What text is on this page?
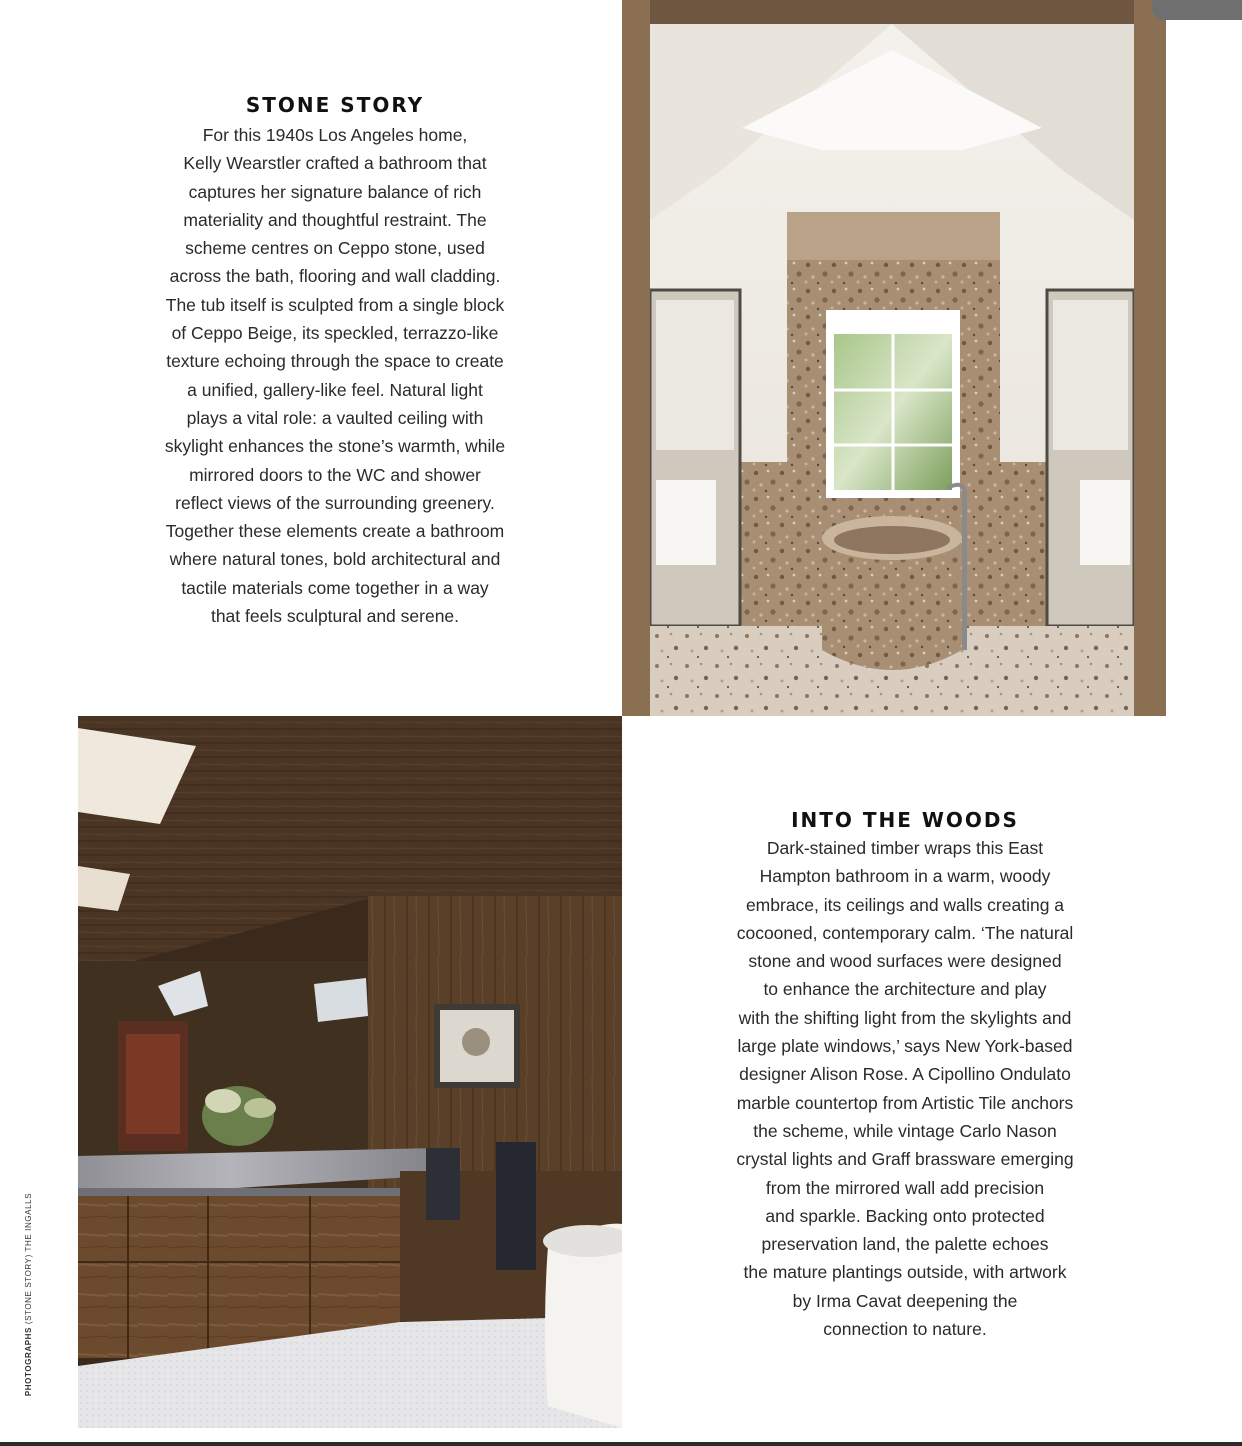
STONE STORY

For this 1940s Los Angeles home,
Kelly Wearstler crafted a bathroom that
captures her signature balance of rich
materiality and thoughtful restraint. The
scheme centres on Ceppo stone, used
across the bath, flooring and wall cladding.
The tub itself is sculpted from a single block
of Ceppo Beige, its speckled, terrazzo-like
texture echoing through the space to create
a unified, gallery-like feel. Natural light
plays a vital role: a vaulted ceiling with
skylight enhances the stone’s warmth, while
mirrored doors to the WC and shower
reflect views of the surrounding greenery.
Together these elements create a bathroom
where natural tones, bold architectural and
tactile materials come together in a way
that feels sculptural and serene.

INTO THE WOODS

Dark-stained timber wraps this East
Hampton bathroom in a warm, woody
embrace, its ceilings and walls creating a
cocooned, contemporary calm. ‘The natural
stone and wood surfaces were designed
to enhance the architecture and play
with the shifting light from the skylights and
large plate windows,’ says New York-based
designer Alison Rose. A Cipollino Ondulato
marble countertop from Artistic Tile anchors
the scheme, while vintage Carlo Nason
crystal lights and Graff brassware emerging
from the mirrored wall add precision
and sparkle. Backing onto protected
preservation land, the palette echoes
the mature plantings outside, with artwork
by Irma Cavat deepening the
connection to nature.

PHOTOGRAPHS (STONE STORY) THE INGALLS
